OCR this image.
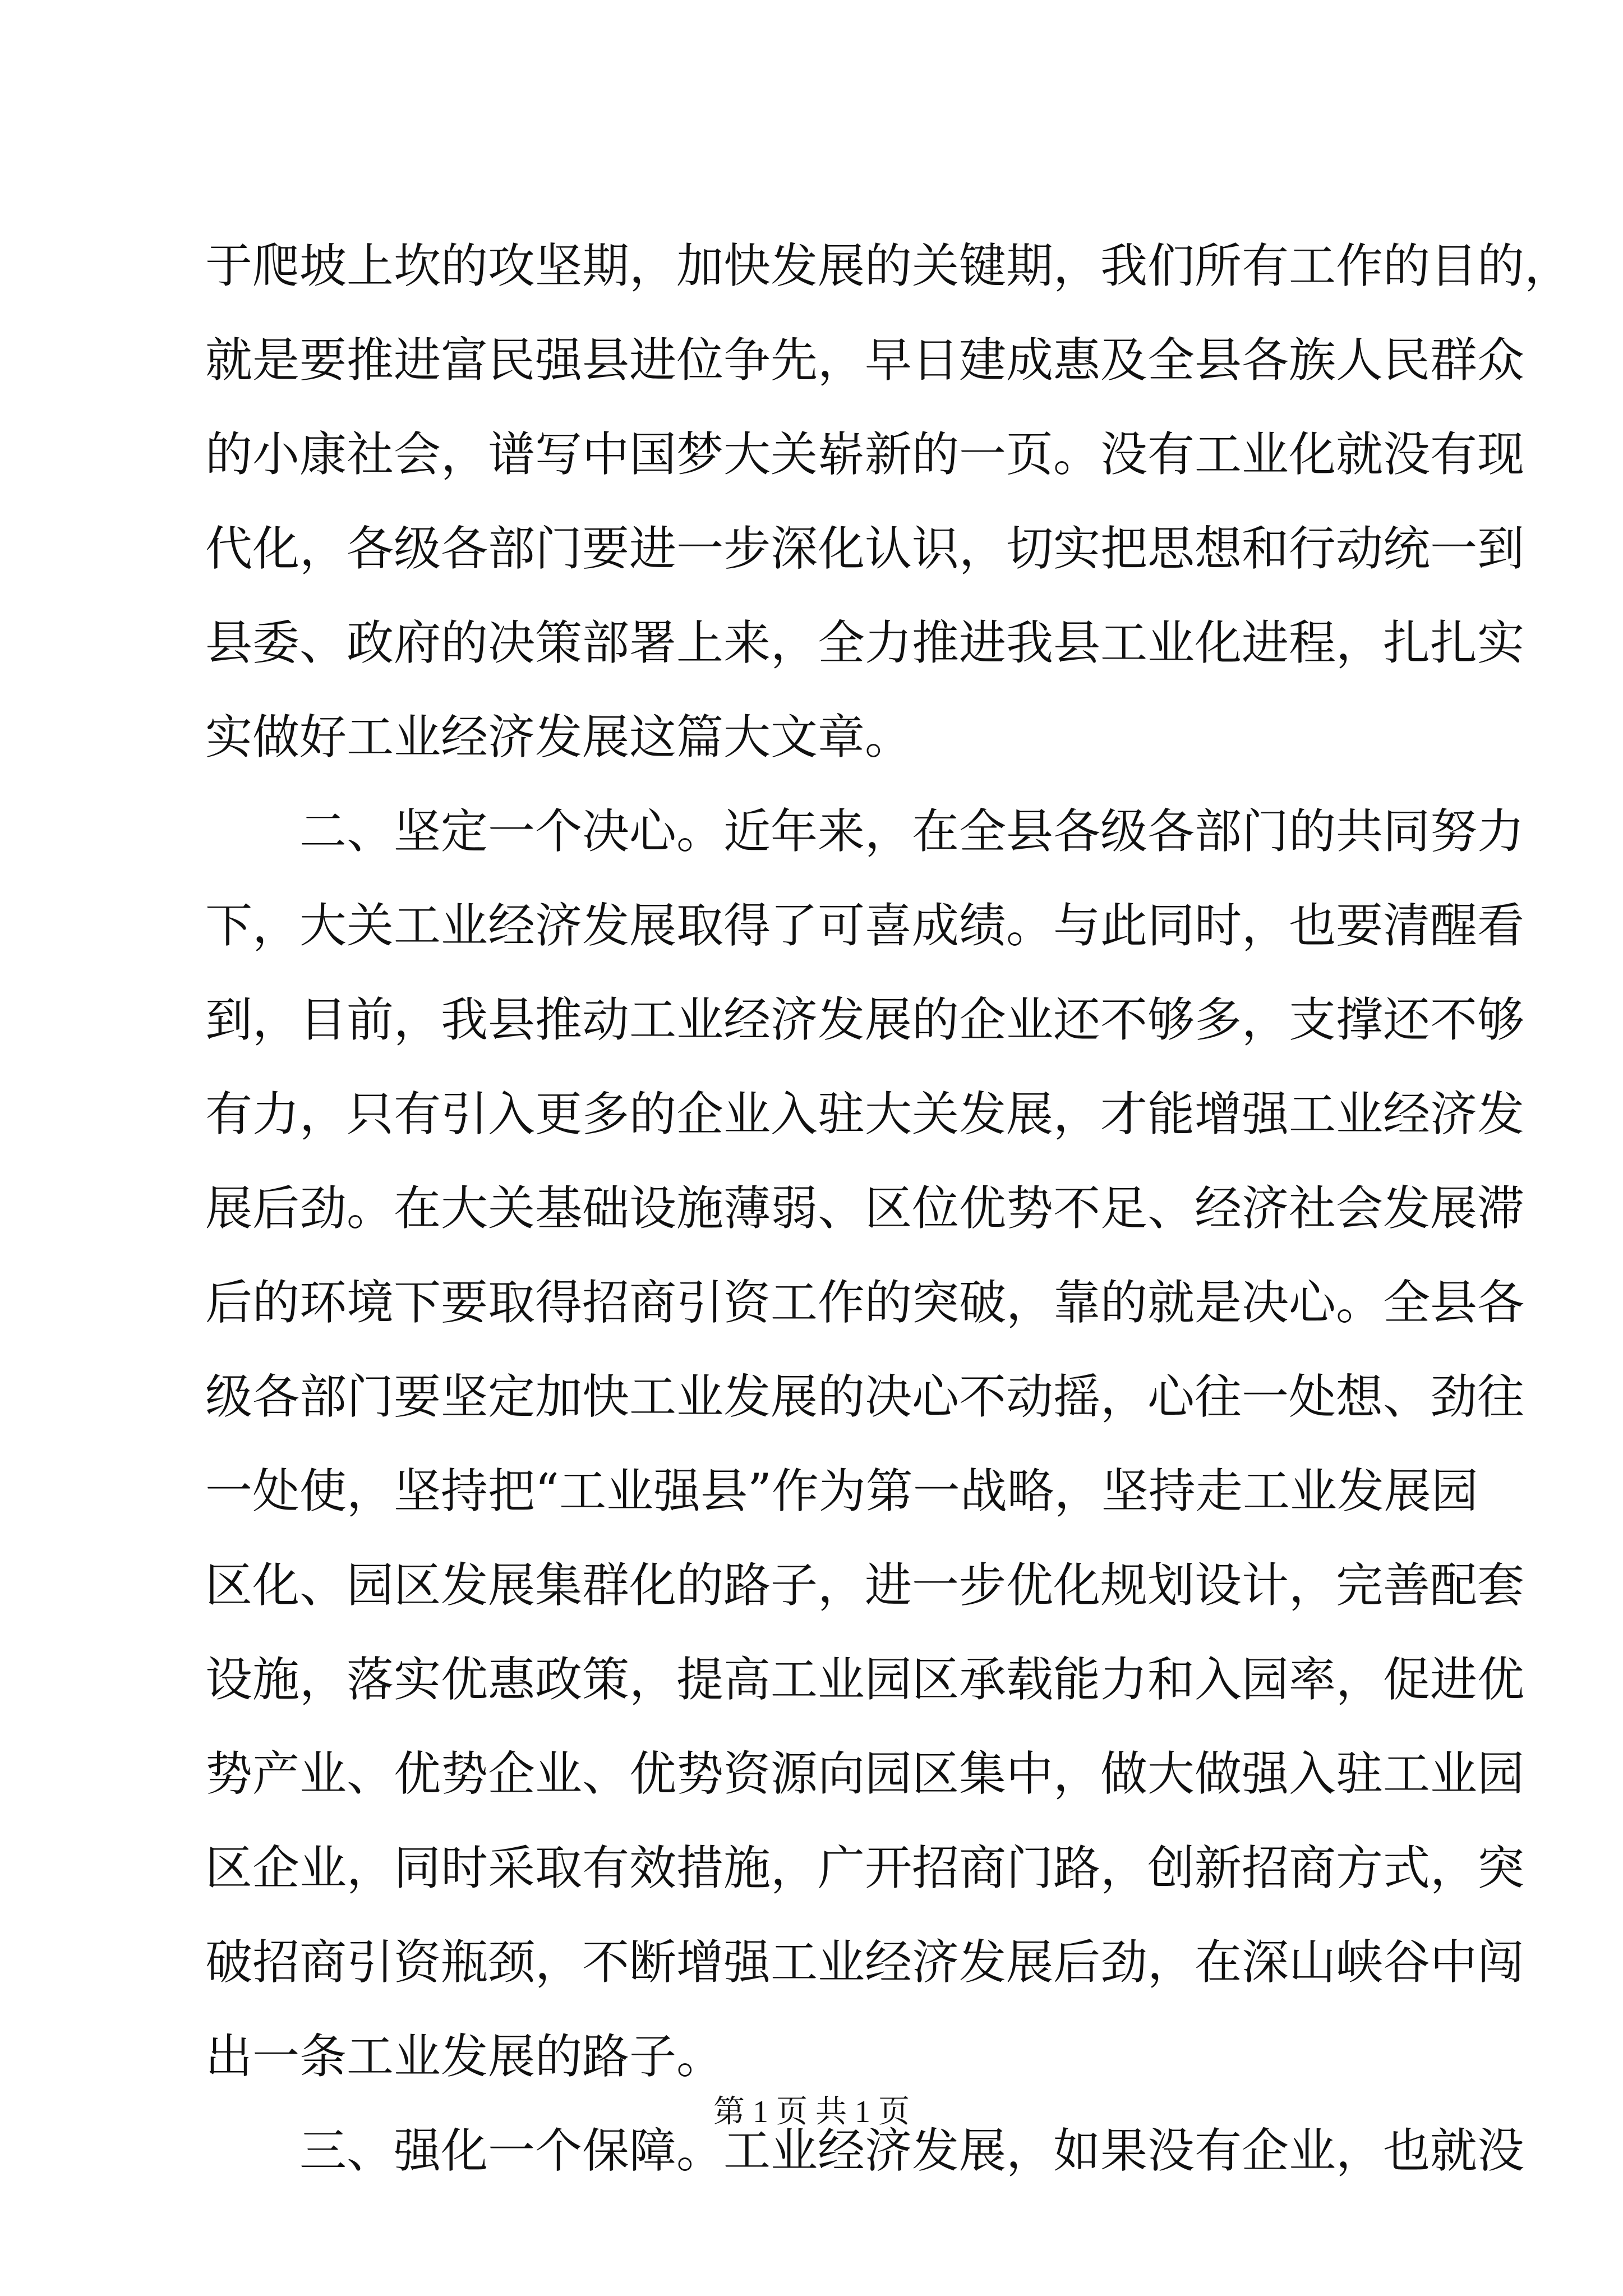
于爬坡上坎的攻坚期，加快发展的关键期，我们所有工作的目的，
就是要推进富民强县进位争先，早日建成惠及全县各族人民群众
的小康社会，谱写中国梦大关崭新的一页。没有工业化就没有现
代化，各级各部门要进一步深化认识，切实把思想和行动统一到
县委、政府的决策部署上来，全力推进我县工业化进程，扎扎实
实做好工业经济发展这篇大文章。
二、坚定一个决心。近年来，在全县各级各部门的共同努力
下，大关工业经济发展取得了可喜成绩。与此同时，也要清醒看
到，目前，我县推动工业经济发展的企业还不够多，支撑还不够
有力，只有引入更多的企业入驻大关发展，才能增强工业经济发
展后劲。在大关基础设施薄弱、区位优势不足、经济社会发展滞
后的环境下要取得招商引资工作的突破，靠的就是决心。全县各
级各部门要坚定加快工业发展的决心不动摇，心往一处想、劲往
一处使，坚持把“工业强县”作为第一战略，坚持走工业发展园
区化、园区发展集群化的路子，进一步优化规划设计，完善配套
设施，落实优惠政策，提高工业园区承载能力和入园率，促进优
势产业、优势企业、优势资源向园区集中，做大做强入驻工业园
区企业，同时采取有效措施，广开招商门路，创新招商方式，突
破招商引资瓶颈，不断增强工业经济发展后劲，在深山峡谷中闯
出一条工业发展的路子。
三、强化一个保障。工业经济发展，如果没有企业，也就没
第 1 页 共 1 页
